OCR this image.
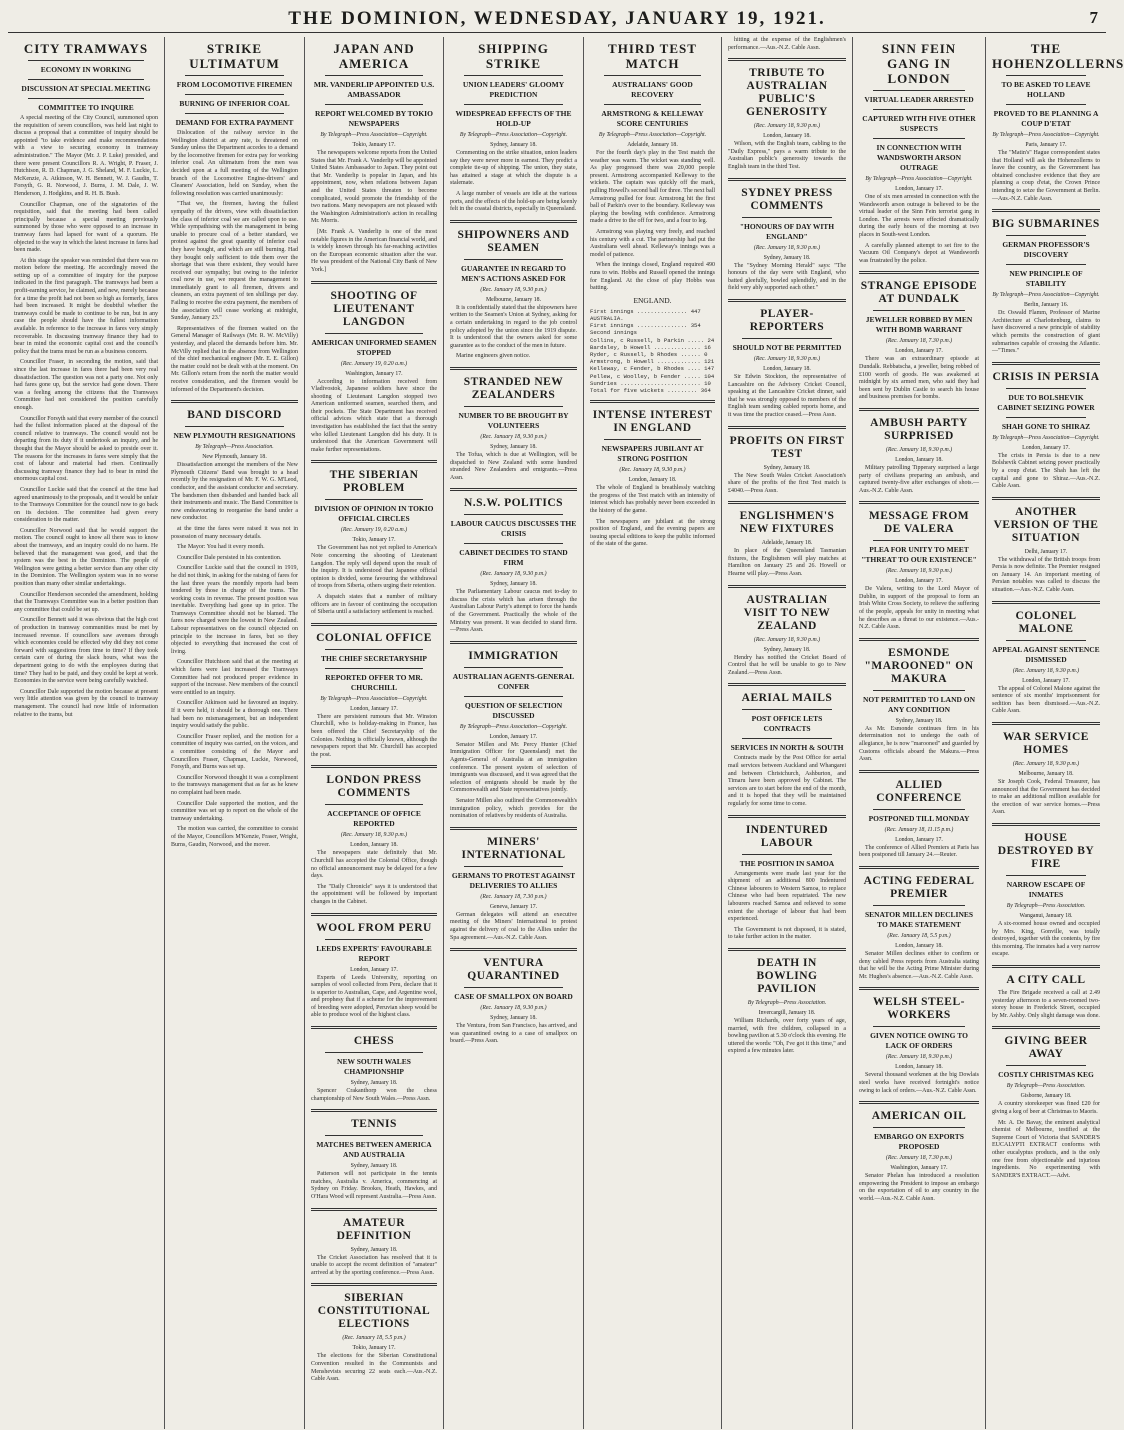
THE DOMINION, WEDNESDAY, JANUARY 19, 1921.	7
CITY TRAMWAYS
ECONOMY IN WORKING
DISCUSSION AT SPECIAL MEETING
COMMITTEE TO INQUIRE

 A special meeting of the City Council, summoned upon the requisition of seven councillors, was held last night to discuss a proposal that a committee of inquiry should be appointed "to take evidence and make recommendations with a view to securing economy in tramway administration." The Mayor (Mr. J. P. Luke) presided, and there were present Councillors R. A. Wright, P. Fraser, J. Hutchison, R. D. Chapman, J. G. Sheland, M. F. Luckie, L. McKenzie, A. Atkinson, W. H. Bennett, W. J. Gaudin, T. Forsyth, G. R. Norwood, J. Burns, J. M. Dale, J. W. Henderson, J. Hodgkins, and R. H. B. Bush.

 Councillor Chapman, one of the signatories of the requisition, said that the meeting had been called principally because a special meeting previously summoned by those who were opposed to an increase in tramway fares had lapsed for want of a quorum. He objected to the way in which the latest increase in fares had been made.

 At this stage the speaker was reminded that there was no motion before the meeting. He accordingly moved the setting up of a committee of inquiry for the purpose indicated in the first paragraph. The tramways had been a profit-earning service, he claimed, and new, merely because for a time the profit had not been so high as formerly, fares had been increased. It might be doubtful whether the tramways could be made to continue to be run, but in any case the people should have the fullest information available. In reference to the increase in fares very simply recoverable. In discussing tramway finance they had to bear in mind the economic capital cost and the council's policy that the trams must be run as a business concern.

 Councillor Fraser, in seconding the motion, said that since the last increase in fares there had been very real dissatisfaction. The question was not a party one. Not only had fares gone up, but the service had gone down. There was a feeling among the citizens that the Tramways Committee had not considered the position carefully enough.

 Councillor Forsyth said that every member of the council had the fullest information placed at the disposal of the council relative to tramways. The council would not be departing from its duty if it undertook an inquiry, and he thought that the Mayor should be asked to preside over it. The reasons for the increases in fares were simply that the cost of labour and material had risen. Continually discussing tramway finance they had to bear in mind the enormous capital cost.

 Councillor Luckie said that the council at the time had agreed unanimously to the proposals, and it would be unfair to the Tramways Committee for the council now to go back on its decision. The committee had given every consideration to the matter.

 Councillor Norwood said that he would support the motion. The council ought to know all there was to know about the tramways, and an inquiry could do no harm. He believed that the management was good, and that the system was the best in the Dominion. The people of Wellington were getting a better service than any other city in the Dominion. The Wellington system was in no worse position than many other similar undertakings.

 Councillor Henderson seconded the amendment, holding that the Tramways Committee was in a better position than any committee that could be set up.

 Councillor Bennett said it was obvious that the high cost of production in tramway communities must be met by increased revenue. If councillors saw avenues through which economies could be effected why did they not come forward with suggestions from time to time? If they took certain care of during the slack hours, what was the department going to do with the employees during that time? They had to be paid, and they could be kept at work. Economies in the service were being carefully watched.

 Councillor Dale supported the motion because at present very little attention was given by the council to tramway management. The council had now little of information relative to the trams, but

STRIKE ULTIMATUM
FROM LOCOMOTIVE FIREMEN
BURNING OF INFERIOR COAL
DEMAND FOR EXTRA PAYMENT

 Dislocation of the railway service in the Wellington district at any rate, is threatened on Sunday unless the Department accedes to a demand by the locomotive firemen for extra pay for working inferior coal. An ultimatum from the men was decided upon at a full meeting of the Wellington branch of the Locomotive Engine-drivers' and Cleaners' Association, held on Sunday, when the following resolution was carried unanimously:

 "That we, the firemen, having the fullest sympathy of the drivers, view with dissatisfaction the class of inferior coal we are called upon to use. While sympathising with the management in being unable to procure coal of a better standard, we protest against the great quantity of inferior coal they have bought, and which are still burning. Had they bought only sufficient to tide them over the shortage that was there existent, they would have received our sympathy; but owing to the inferior coal now in use, we request the management to immediately grant to all firemen, drivers and cleaners, an extra payment of ten shillings per day. Failing to receive the extra payment, the members of the association will cease working at midnight, Sunday, January 23."

 Representatives of the firemen waited on the General Manager of Railways (Mr. R. W. McVilly) yesterday, and placed the demands before him. Mr. McVilly replied that in the absence from Wellington of the chief mechanical engineer (Mr. E. E. Gillon) the matter could not be dealt with at the moment. On Mr. Gillon's return from the north the matter would receive consideration, and the firemen would be informed of the Department's decision.

BAND DISCORD
NEW PLYMOUTH RESIGNATIONS
By Telegraph—Press Association.
New Plymouth, January 18.

 Dissatisfaction amongst the members of the New Plymouth Citizens' Band was brought to a head recently by the resignation of Mr. F. W. G. M'Leod, conductor, and the assistant conductor and secretary. The bandsmen then disbanded and handed back all their instruments and music. The Band Committee is now endeavouring to reorganise the band under a new conductor.

 at the time the fares were raised it was not in possession of many necessary details.

 The Mayor: You had it every month.

 Councillor Dale persisted in his contention.

 Councillor Luckie said that the council in 1919, he did not think, in asking for the raising of fares for the last three years the monthly reports had been tendered by those in charge of the trams. The working costs in revenue. The present position was inevitable. Everything had gone up in price. The Tramways Committee should not be blamed. The fares now charged were the lowest in New Zealand. Labour representatives on the council objected on principle to the increase in fares, but so they objected to everything that increased the cost of living.

 Councillor Hutchison said that at the meeting at which fares were last increased the Tramways Committee had not produced proper evidence in support of the increase. New members of the council were entitled to an inquiry.

 Councillor Atkinson said he favoured an inquiry. If it were held, it should be a thorough one. There had been no mismanagement, but an independent inquiry would satisfy the public.

 Councillor Fraser replied, and the motion for a committee of inquiry was carried, on the voices, and a committee consisting of the Mayor and Councillors Fraser, Chapman, Luckie, Norwood, Forsyth, and Burns was set up.

 Councillor Norwood thought it was a compliment to the tramways management that as far as he knew no complaint had been made.

 Councillor Dale supported the motion, and the committee was set up to report on the whole of the tramway undertaking.

 The motion was carried, the committee to consist of the Mayor, Councillors M'Kenzie, Fraser, Wright, Burns, Gaudin, Norwood, and the mover.

JAPAN AND AMERICA
MR. VANDERLIP APPOINTED U.S. AMBASSADOR
REPORT WELCOMED BY TOKIO NEWSPAPERS
By Telegraph—Press Association—Copyright.
Tokio, January 17.

 The newspapers welcome reports from the United States that Mr. Frank A. Vanderlip will be appointed United States Ambassador to Japan. They point out that Mr. Vanderlip is popular in Japan, and his appointment, now, when relations between Japan and the United States threaten to become complicated, would promote the friendship of the two nations. Many newspapers are not pleased with the Washington Administration's action in recalling Mr. Morris.

 [Mr. Frank A. Vanderlip is one of the most notable figures in the American financial world, and is widely known through his far-reaching activities on the European economic situation after the war. He was president of the National City Bank of New York.]

SHOOTING OF LIEUTENANT LANGDON
AMERICAN UNIFORMED SEAMEN STOPPED
(Rec. January 19, 0.20 a.m.)
Washington, January 17.

 According to information received from Vladivostok, Japanese soldiers have since the shooting of Lieutenant Langdon stopped two American uniformed seamen, searched them, and their pockets. The State Department has received official advices which state that a thorough investigation has established the fact that the sentry who killed Lieutenant Langdon did his duty. It is understood that the American Government will make further representations.

THE SIBERIAN PROBLEM
DIVISION OF OPINION IN TOKIO OFFICIAL CIRCLES
(Rec. January 19, 0.20 a.m.)
Tokio, January 17.

 The Government has not yet replied to America's Note concerning the shooting of Lieutenant Langdon. The reply will depend upon the result of the inquiry. It is understood that Japanese official opinion is divided, some favouring the withdrawal of troops from Siberia, others urging their retention.

 A dispatch states that a number of military officers are in favour of continuing the occupation of Siberia until a satisfactory settlement is reached.

COLONIAL OFFICE
THE CHIEF SECRETARYSHIP
REPORTED OFFER TO MR. CHURCHILL
By Telegraph—Press Association—Copyright.
London, January 17.

 There are persistent rumours that Mr. Winston Churchill, who is holiday-making in France, has been offered the Chief Secretaryship of the Colonies. Nothing is officially known, although the newspapers report that Mr. Churchill has accepted the post.

LONDON PRESS COMMENTS
ACCEPTANCE OF OFFICE REPORTED
(Rec. January 18, 9.30 p.m.)
London, January 18.

 The newspapers state definitely that Mr. Churchill has accepted the Colonial Office, though no official announcement may be delayed for a few days.

 The "Daily Chronicle" says it is understood that the appointment will be followed by important changes in the Cabinet.

WOOL FROM PERU
LEEDS EXPERTS' FAVOURABLE REPORT
London, January 17.

 Experts of Leeds University, reporting on samples of wool collected from Peru, declare that it is superior to Australian, Cape, and Argentine wool, and prophesy that if a scheme for the improvement of breeding were adopted, Peruvian sheep would be able to produce wool of the highest class.

CHESS
NEW SOUTH WALES CHAMPIONSHIP
Sydney, January 18.

 Spencer Crakanthorp won the chess championship of New South Wales.—Press Assn.

TENNIS
MATCHES BETWEEN AMERICA AND AUSTRALIA
Sydney, January 18.

 Patterson will not participate in the tennis matches, Australia v. America, commencing at Sydney on Friday. Brookes, Heath, Hawkes, and O'Hara Wood will represent Australia.—Press Assn.

AMATEUR DEFINITION
Sydney, January 18.

 The Cricket Association has resolved that it is unable to accept the recent definition of "amateur" arrived at by the sporting conference.—Press Assn.

SIBERIAN CONSTITUTIONAL ELECTIONS
(Rec. January 18, 5.5 p.m.)
Tokio, January 17.

 The elections for the Siberian Constitutional Convention resulted in the Communists and Menshevists securing 22 seats each.—Aus.-N.Z. Cable Assn.

SHIPPING STRIKE
UNION LEADERS' GLOOMY PREDICTION
WIDESPREAD EFFECTS OF THE HOLD-UP
By Telegraph—Press Association—Copyright.
Sydney, January 18.

 Commenting on the strike situation, union leaders say they were never more in earnest. They predict a complete tie-up of shipping. The union, they state, has attained a stage at which the dispute is a stalemate.

 A large number of vessels are idle at the various ports, and the effects of the hold-up are being keenly felt in the coastal districts, especially in Queensland.

SHIPOWNERS AND SEAMEN
GUARANTEE IN REGARD TO MEN'S ACTIONS ASKED FOR
(Rec. January 18, 9.30 p.m.)
Melbourne, January 18.

 It is confidentially stated that the shipowners have written to the Seamen's Union at Sydney, asking for a certain undertaking in regard to the job control policy adopted by the union since the 1919 dispute. It is understood that the owners asked for some guarantee as to the conduct of the men in future.

 Marine engineers given notice.

STRANDED NEW ZEALANDERS
NUMBER TO BE BROUGHT BY VOLUNTEERS
(Rec. January 18, 9.30 p.m.)
Sydney, January 18.

 The Tofua, which is due at Wellington, will be dispatched to New Zealand with some hundred stranded New Zealanders and emigrants.—Press Assn.

N.S.W. POLITICS
LABOUR CAUCUS DISCUSSES THE CRISIS
CABINET DECIDES TO STAND FIRM
(Rec. January 18, 9.30 p.m.)
Sydney, January 18.

 The Parliamentary Labour caucus met to-day to discuss the crisis which has arisen through the Australian Labour Party's attempt to force the hands of the Government. Practically the whole of the Ministry was present. It was decided to stand firm.—Press Assn.

IMMIGRATION
AUSTRALIAN AGENTS-GENERAL CONFER
QUESTION OF SELECTION DISCUSSED
By Telegraph—Press Association—Copyright.
London, January 17.

 Senator Millen and Mr. Percy Hunter (Chief Immigration Officer for Queensland) met the Agents-General of Australia at an immigration conference. The present system of selection of immigrants was discussed, and it was agreed that the selection of emigrants should be made by the Commonwealth and State representatives jointly.

 Senator Millen also outlined the Commonwealth's immigration policy, which provides for the nomination of relatives by residents of Australia.

MINERS' INTERNATIONAL
GERMANS TO PROTEST AGAINST DELIVERIES TO ALLIES
(Rec. January 18, 7.30 p.m.)
Geneva, January 17.

 German delegates will attend an executive meeting of the Miners' International to protest against the delivery of coal to the Allies under the Spa agreement.—Aus.-N.Z. Cable Assn.

VENTURA QUARANTINED
CASE OF SMALLPOX ON BOARD
(Rec. January 18, 9.30 p.m.)
Sydney, January 18.

 The Ventura, from San Francisco, has arrived, and was quarantined owing to a case of smallpox on board.—Press Assn.

THIRD TEST MATCH
AUSTRALIANS' GOOD RECOVERY
ARMSTRONG & KELLEWAY SCORE CENTURIES
By Telegraph—Press Association—Copyright.
Adelaide, January 18.

 For the fourth day's play in the Test match the weather was warm. The wicket was standing well. As play progressed there was 20,000 people present. Armstrong accompanied Kelleway to the wickets. The captain was quickly off the mark, pulling Howell's second ball for three. The next ball Armstrong pulled for four. Armstrong hit the first ball of Parkin's over to the boundary. Kelleway was playing the bowling with confidence. Armstrong made a drive to the off for two, and a four to leg.

 Armstrong was playing very freely, and reached his century with a cut. The partnership had put the Australians well ahead. Kelleway's innings was a model of patience.

 When the innings closed, England required 490 runs to win. Hobbs and Russell opened the innings for England. At the close of play Hobbs was batting.

ENGLAND.
First innings ............... 447
AUSTRALIA.
First innings ............... 354
Second innings
Collins, c Russell, b Parkin ..... 24
Bardsley, b Howell .............. 16
Ryder, c Russell, b Rhodes ...... 0
Armstrong, b Howell ............. 121
Kelleway, c Fender, b Rhodes .... 147
Pellew, c Woolley, b Fender ..... 104
Sundries ........................ 10
Total for five wickets ......... 364
INTENSE INTEREST IN ENGLAND
NEWSPAPERS JUBILANT AT STRONG POSITION
(Rec. January 18, 9.30 p.m.)
London, January 18.

 The whole of England is breathlessly watching the progress of the Test match with an intensity of interest which has probably never been exceeded in the history of the game.

 The newspapers are jubilant at the strong position of England, and the evening papers are issuing special editions to keep the public informed of the state of the game.

 hitting at the expense of the Englishmen's performance.—Aus.-N.Z. Cable Assn.

TRIBUTE TO AUSTRALIAN PUBLIC'S GENEROSITY
(Rec. January 18, 9.30 p.m.)
London, January 18.

 Wilson, with the English team, cabling to the "Daily Express," pays a warm tribute to the Australian public's generosity towards the English team in the third Test.

SYDNEY PRESS COMMENTS
"HONOURS OF DAY WITH ENGLAND"
(Rec. January 18, 9.30 p.m.)
Sydney, January 18.

 The "Sydney Morning Herald" says: "The honours of the day were with England, who batted gleefully, bowled splendidly, and in the field very ably supported each other."

PLAYER-REPORTERS
SHOULD NOT BE PERMITTED
(Rec. January 18, 9.30 p.m.)
London, January 18.

 Sir Edwin Stockton, the representative of Lancashire on the Advisory Cricket Council, speaking at the Lancashire Cricket dinner, said that he was strongly opposed to members of the English team sending cabled reports home, and it was time the practice ceased.—Press Assn.

PROFITS ON FIRST TEST
Sydney, January 18.

 The New South Wales Cricket Association's share of the profits of the first Test match is £4040.—Press Assn.

ENGLISHMEN'S NEW FIXTURES
Adelaide, January 18.

 In place of the Queensland Tasmanian fixtures, the Englishmen will play matches at Hamilton on January 25 and 26. Howell or Hearne will play.—Press Assn.

AUSTRALIAN VISIT TO NEW ZEALAND
(Rec. January 18, 9.30 p.m.)
Sydney, January 18.

 Hendry has notified the Cricket Board of Control that he will be unable to go to New Zealand.—Press Assn.

AERIAL MAILS
POST OFFICE LETS CONTRACTS
SERVICES IN NORTH & SOUTH

 Contracts made by the Post Office for aerial mail services between Auckland and Whangarei and between Christchurch, Ashburton, and Timaru have been approved by Cabinet. The services are to start before the end of the month, and it is hoped that they will be maintained regularly for some time to come.

INDENTURED LABOUR
THE POSITION IN SAMOA

 Arrangements were made last year for the shipment of an additional 800 Indentured Chinese labourers to Western Samoa, to replace Chinese who had been repatriated. The new labourers reached Samoa and relieved to some extent the shortage of labour that had been experienced.

 The Government is not disposed, it is stated, to take further action in the matter.

DEATH IN BOWLING PAVILION
By Telegraph—Press Association.
Invercargill, January 18.

 William Richards, over forty years of age, married, with five children, collapsed in a bowling pavilion at 5.30 o'clock this evening. He uttered the words: "Oh, I've got it this time," and expired a few minutes later.

SINN FEIN GANG IN LONDON
VIRTUAL LEADER ARRESTED
CAPTURED WITH FIVE OTHER SUSPECTS
IN CONNECTION WITH WANDSWORTH ARSON OUTRAGE
By Telegraph—Press Association—Copyright.
London, January 17.

 One of six men arrested in connection with the Wandsworth arson outrage is believed to be the virtual leader of the Sinn Fein terrorist gang in London. The arrests were effected dramatically during the early hours of the morning at two places in South-west London.

 A carefully planned attempt to set fire to the Vacuum Oil Company's depot at Wandsworth was frustrated by the police.

STRANGE EPISODE AT DUNDALK
JEWELLER ROBBED BY MEN WITH BOMB WARRANT
(Rec. January 18, 7.30 p.m.)
London, January 17.

 There was an extraordinary episode at Dundalk. Rebbatscha, a jeweller, being robbed of £100 worth of goods. He was awakened at midnight by six armed men, who said they had been sent by Dublin Castle to search his house and business premises for bombs.

AMBUSH PARTY SURPRISED
(Rec. January 18, 9.30 p.m.)
London, January 18.

 Military patrolling Tipperary surprised a large party of civilians preparing an ambush, and captured twenty-five after exchanges of shots.—Aus.-N.Z. Cable Assn.

MESSAGE FROM DE VALERA
PLEA FOR UNITY TO MEET "THREAT TO OUR EXISTENCE"
(Rec. January 18, 9.30 p.m.)
London, January 17.

 De Valera, writing to the Lord Mayor of Dublin, in support of the proposal to form an Irish White Cross Society, to relieve the suffering of the people, appeals for unity in meeting what he describes as a threat to our existence.—Aus.-N.Z. Cable Assn.

ESMONDE "MAROONED" ON MAKURA
NOT PERMITTED TO LAND ON ANY CONDITION
Sydney, January 18.

 As Mr. Esmonde continues firm in his determination not to undergo the oath of allegiance, he is now "marooned" and guarded by Customs officials aboard the Makura.—Press Assn.

ALLIED CONFERENCE
POSTPONED TILL MONDAY
(Rec. January 18, 11.15 p.m.)
London, January 17.

 The conference of Allied Premiers at Paris has been postponed till January 24.—Reuter.

ACTING FEDERAL PREMIER
SENATOR MILLEN DECLINES TO MAKE STATEMENT
(Rec. January 18, 5.5 p.m.)
London, January 18.

 Senator Millen declines either to confirm or deny cabled Press reports from Australia stating that he will be the Acting Prime Minister during Mr. Hughes's absence.—Aus.-N.Z. Cable Assn.

WELSH STEEL-WORKERS
GIVEN NOTICE OWING TO LACK OF ORDERS
(Rec. January 18, 9.30 p.m.)
London, January 18.

 Several thousand workmen at the big Dowlais steel works have received fortnight's notice owing to lack of orders.—Aus.-N.Z. Cable Assn.

AMERICAN OIL
EMBARGO ON EXPORTS PROPOSED
(Rec. January 18, 7.30 p.m.)
Washington, January 17.

 Senator Phelan has introduced a resolution empowering the President to impose an embargo on the exportation of oil to any country in the world.—Aus.-N.Z. Cable Assn.

THE HOHENZOLLERNS
TO BE ASKED TO LEAVE HOLLAND
PROVED TO BE PLANNING A COUP D'ETAT
By Telegraph—Press Association—Copyright.
Paris, January 17.

 The "Matin's" Hague correspondent states that Holland will ask the Hohenzollerns to leave the country, as the Government has obtained conclusive evidence that they are planning a coup d'etat, the Crown Prince intending to seize the Government at Berlin.—Aus.-N.Z. Cable Assn.

BIG SUBMARINES
GERMAN PROFESSOR'S DISCOVERY
NEW PRINCIPLE OF STABILITY
By Telegraph—Press Association—Copyright.
Berlin, January 16.

 Dr. Oswald Flamm, Professor of Marine Architecture at Charlottenburg, claims to have discovered a new principle of stability which permits the construction of giant submarines capable of crossing the Atlantic.—"Times."

CRISIS IN PERSIA
DUE TO BOLSHEVIK CABINET SEIZING POWER
SHAH GONE TO SHIRAZ
By Telegraph—Press Association—Copyright.
London, January 17.

 The crisis in Persia is due to a new Bolshevik Cabinet seizing power practically by a coup d'etat. The Shah has left the capital and gone to Shiraz.—Aus.-N.Z. Cable Assn.

ANOTHER VERSION OF THE SITUATION
Delhi, January 17.

 The withdrawal of the British troops from Persia is now definite. The Premier resigned on January 14. An important meeting of Persian notables was called to discuss the situation.—Aus.-N.Z. Cable Assn.

COLONEL MALONE
APPEAL AGAINST SENTENCE DISMISSED
(Rec. January 18, 9.30 p.m.)
London, January 17.

 The appeal of Colonel Malone against the sentence of six months' imprisonment for sedition has been dismissed.—Aus.-N.Z. Cable Assn.

WAR SERVICE HOMES
(Rec. January 18, 9.30 p.m.)
Melbourne, January 18.

 Sir Joseph Cook, Federal Treasurer, has announced that the Government has decided to make an additional million available for the erection of war service homes.—Press Assn.

HOUSE DESTROYED BY FIRE
NARROW ESCAPE OF INMATES
By Telegraph—Press Association.
Wanganui, January 18.

 A six-roomed house owned and occupied by Mrs. King, Gonville, was totally destroyed, together with the contents, by fire this morning. The inmates had a very narrow escape.

A CITY CALL

 The Fire Brigade received a call at 2.49 yesterday afternoon to a seven-roomed two-storey house in Frederick Street, occupied by Mr. Ashby. Only slight damage was done.

GIVING BEER AWAY
COSTLY CHRISTMAS KEG
By Telegraph—Press Association.
Gisborne, January 18.

 A country storekeeper was fined £20 for giving a keg of beer at Christmas to Maoris.

 Mr. A. De Bavay, the eminent analytical chemist of Melbourne, testified at the Supreme Court of Victoria that SANDER'S EUCALYPTI EXTRACT conforms with other eucalyptus products, and is the only one free from objectionable and injurious ingredients. No experimenting with SANDER'S EXTRACT.—Advt.
